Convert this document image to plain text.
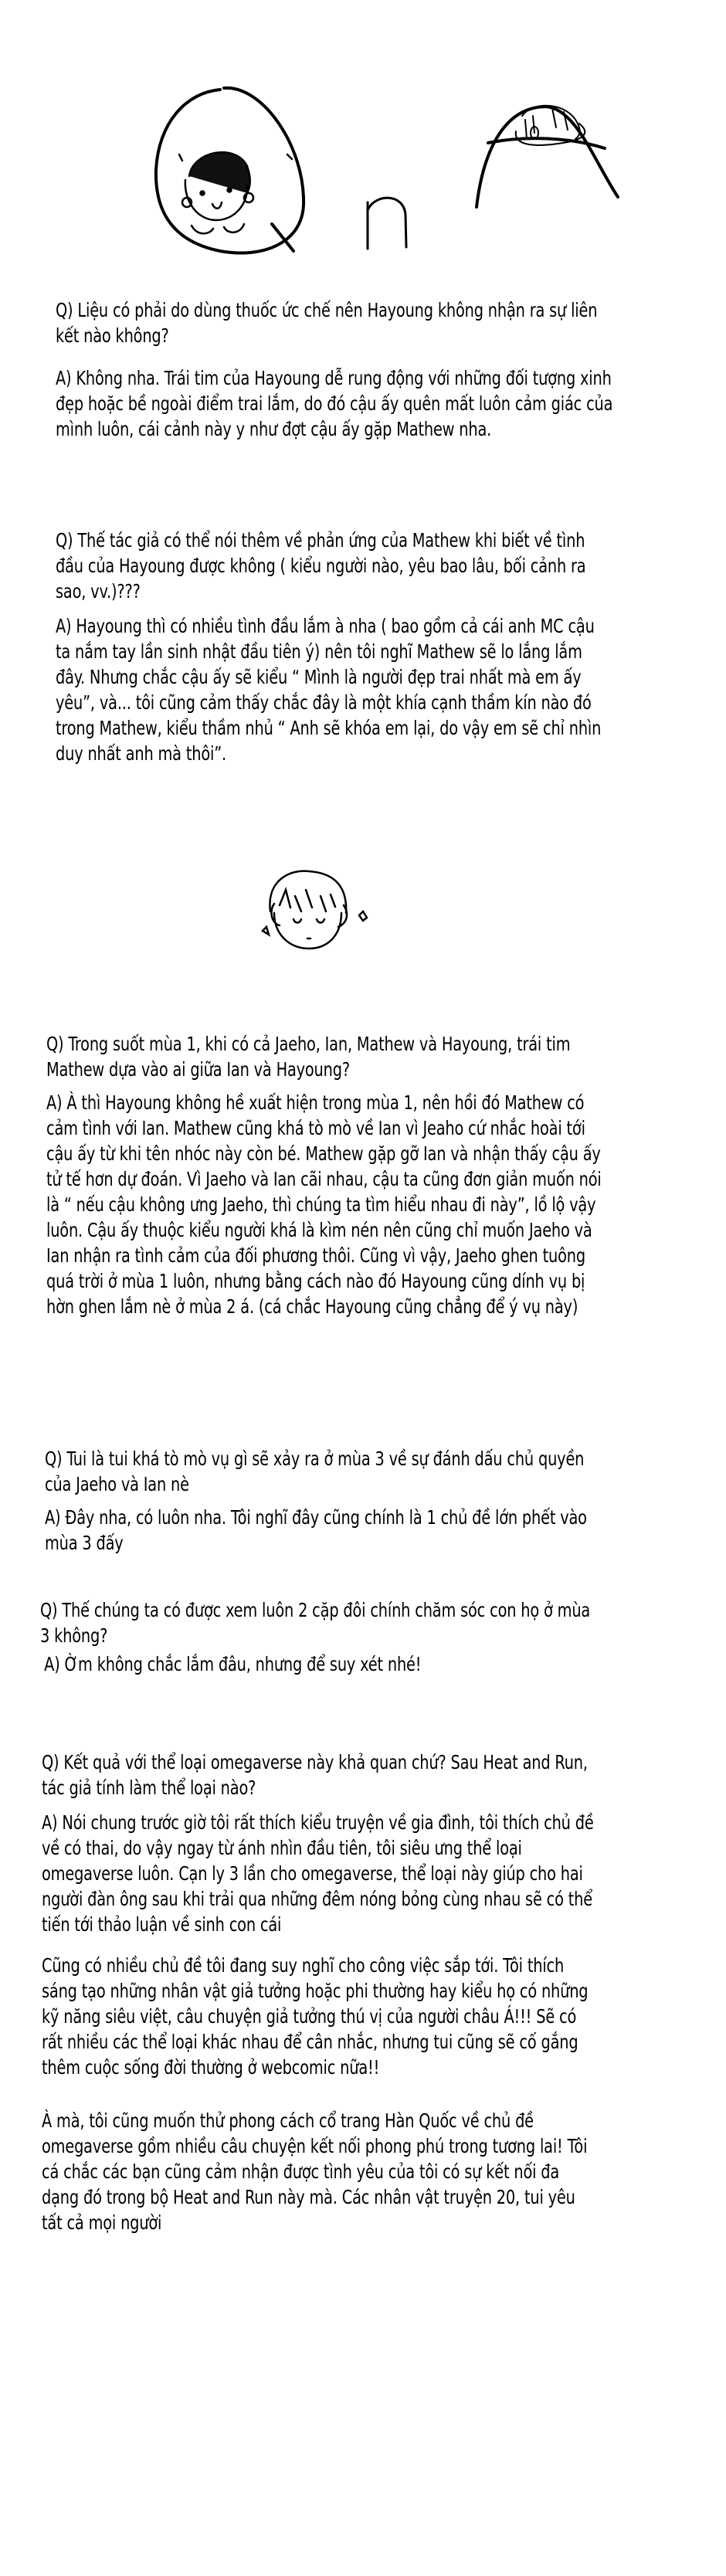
Q) Liệu có phải do dùng thuốc ức chế nên Hayoung không nhận ra sự liên kết nào không?

A) Không nha. Trái tim của Hayoung dễ rung động với những đối tượng xinh đẹp hoặc bề ngoài điểm trai lắm, do đó cậu ấy quên mất luôn cảm giác của mình luôn, cái cảnh này y như đợt cậu ấy gặp Mathew nha.

Q) Thế tác giả có thể nói thêm về phản ứng của Mathew khi biết về tình đầu của Hayoung được không ( kiểu người nào, yêu bao lâu, bối cảnh ra sao, vv.)???

A) Hayoung thì có nhiều tình đầu lắm à nha ( bao gồm cả cái anh MC cậu ta nắm tay lần sinh nhật đầu tiên ý) nên tôi nghĩ Mathew sẽ lo lắng lắm đây. Nhưng chắc cậu ấy sẽ kiểu “ Mình là người đẹp trai nhất mà em ấy yêu”, và... tôi cũng cảm thấy chắc đây là một khía cạnh thầm kín nào đó trong Mathew, kiểu thầm nhủ “ Anh sẽ khóa em lại, do vậy em sẽ chỉ nhìn duy nhất anh mà thôi”.

Q) Trong suốt mùa 1, khi có cả Jaeho, Ian, Mathew và Hayoung, trái tim Mathew dựa vào ai giữa Ian và Hayoung?

A) À thì Hayoung không hề xuất hiện trong mùa 1, nên hồi đó Mathew có cảm tình với Ian. Mathew cũng khá tò mò về Ian vì Jeaho cứ nhắc hoài tới cậu ấy từ khi tên nhóc này còn bé. Mathew gặp gỡ Ian và nhận thấy cậu ấy tử tế hơn dự đoán. Vì Jaeho và Ian cãi nhau, cậu ta cũng đơn giản muốn nói là “ nếu cậu không ưng Jaeho, thì chúng ta tìm hiểu nhau đi này”, lồ lộ vậy luôn. Cậu ấy thuộc kiểu người khá là kìm nén nên cũng chỉ muốn Jaeho và Ian nhận ra tình cảm của đối phương thôi. Cũng vì vậy, Jaeho ghen tuông quá trời ở mùa 1 luôn, nhưng bằng cách nào đó Hayoung cũng dính vụ bị hờn ghen lắm nè ở mùa 2 á. (cá chắc Hayoung cũng chẳng để ý vụ này)

Q) Tui là tui khá tò mò vụ gì sẽ xảy ra ở mùa 3 về sự đánh dấu chủ quyền của Jaeho và Ian nè

A) Đây nha, có luôn nha. Tôi nghĩ đây cũng chính là 1 chủ đề lớn phết vào mùa 3 đấy

Q) Thế chúng ta có được xem luôn 2 cặp đôi chính chăm sóc con họ ở mùa 3 không?

A) Ờm không chắc lắm đâu, nhưng để suy xét nhé!

Q) Kết quả với thể loại omegaverse này khả quan chứ? Sau Heat and Run, tác giả tính làm thể loại nào?

A) Nói chung trước giờ tôi rất thích kiểu truyện về gia đình, tôi thích chủ đề về có thai, do vậy ngay từ ánh nhìn đầu tiên, tôi siêu ưng thể loại omegaverse luôn. Cạn ly 3 lần cho omegaverse, thể loại này giúp cho hai người đàn ông sau khi trải qua những đêm nóng bỏng cùng nhau sẽ có thể tiến tới thảo luận về sinh con cái

Cũng có nhiều chủ đề tôi đang suy nghĩ cho công việc sắp tới. Tôi thích sáng tạo những nhân vật giả tưởng hoặc phi thường hay kiểu họ có những kỹ năng siêu việt, câu chuyện giả tưởng thú vị của người châu Á!!! Sẽ có rất nhiều các thể loại khác nhau để cân nhắc, nhưng tui cũng sẽ cố gắng thêm cuộc sống đời thường ở webcomic nữa!!

À mà, tôi cũng muốn thử phong cách cổ trang Hàn Quốc về chủ đề omegaverse gồm nhiều câu chuyện kết nối phong phú trong tương lai! Tôi cá chắc các bạn cũng cảm nhận được tình yêu của tôi có sự kết nối đa dạng đó trong bộ Heat and Run này mà. Các nhân vật truyện 20, tui yêu tất cả mọi người
